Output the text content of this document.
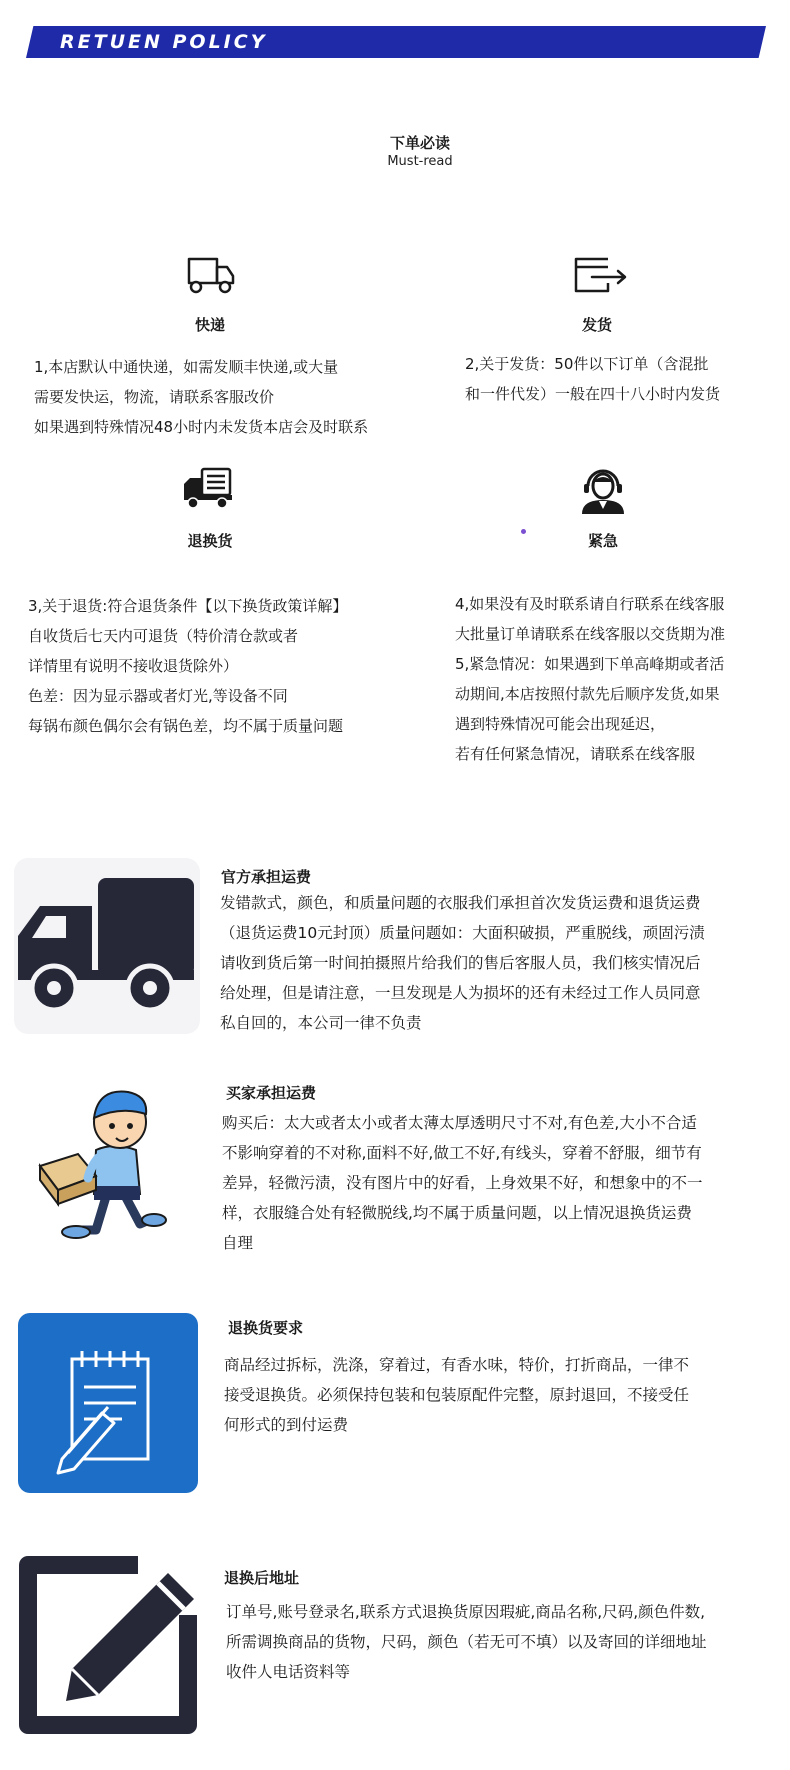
RETUEN POLICY
下单必读
Must-read
快递

1,本店默认中通快递，如需发顺丰快递,或大量

需要发快运，物流，请联系客服改价

如果遇到特殊情况48小时内未发货本店会及时联系

发货

2,关于发货：50件以下订单（含混批

和一件代发）一般在四十八小时内发货

退换货

3,关于退货:符合退货条件【以下换货政策详解】

自收货后七天内可退货（特价清仓款或者

详情里有说明不接收退货除外）

色差：因为显示器或者灯光,等设备不同

每锅布颜色偶尔会有锅色差，均不属于质量问题

紧急

4,如果没有及时联系请自行联系在线客服

大批量订单请联系在线客服以交货期为准

5,紧急情况：如果遇到下单高峰期或者活

动期间,本店按照付款先后顺序发货,如果

遇到特殊情况可能会出现延迟，

若有任何紧急情况，请联系在线客服

官方承担运费

发错款式，颜色，和质量问题的衣服我们承担首次发货运费和退货运费

（退货运费10元封顶）质量问题如：大面积破损，严重脱线，顽固污渍

请收到货后第一时间拍摄照片给我们的售后客服人员，我们核实情况后

给处理，但是请注意，一旦发现是人为损坏的还有未经过工作人员同意

私自回的，本公司一律不负责

买家承担运费

购买后：太大或者太小或者太薄太厚透明尺寸不对,有色差,大小不合适

不影响穿着的不对称,面料不好,做工不好,有线头，穿着不舒服，细节有

差异，轻微污渍，没有图片中的好看，上身效果不好，和想象中的不一

样，衣服缝合处有轻微脱线,均不属于质量问题，以上情况退换货运费

自理

退换货要求

商品经过拆标，洗涤，穿着过，有香水味，特价，打折商品，一律不

接受退换货。必须保持包装和包装原配件完整，原封退回，不接受任

何形式的到付运费

退换后地址

订单号,账号登录名,联系方式退换货原因瑕疵,商品名称,尺码,颜色件数,

所需调换商品的货物，尺码，颜色（若无可不填）以及寄回的详细地址

收件人电话资料等
